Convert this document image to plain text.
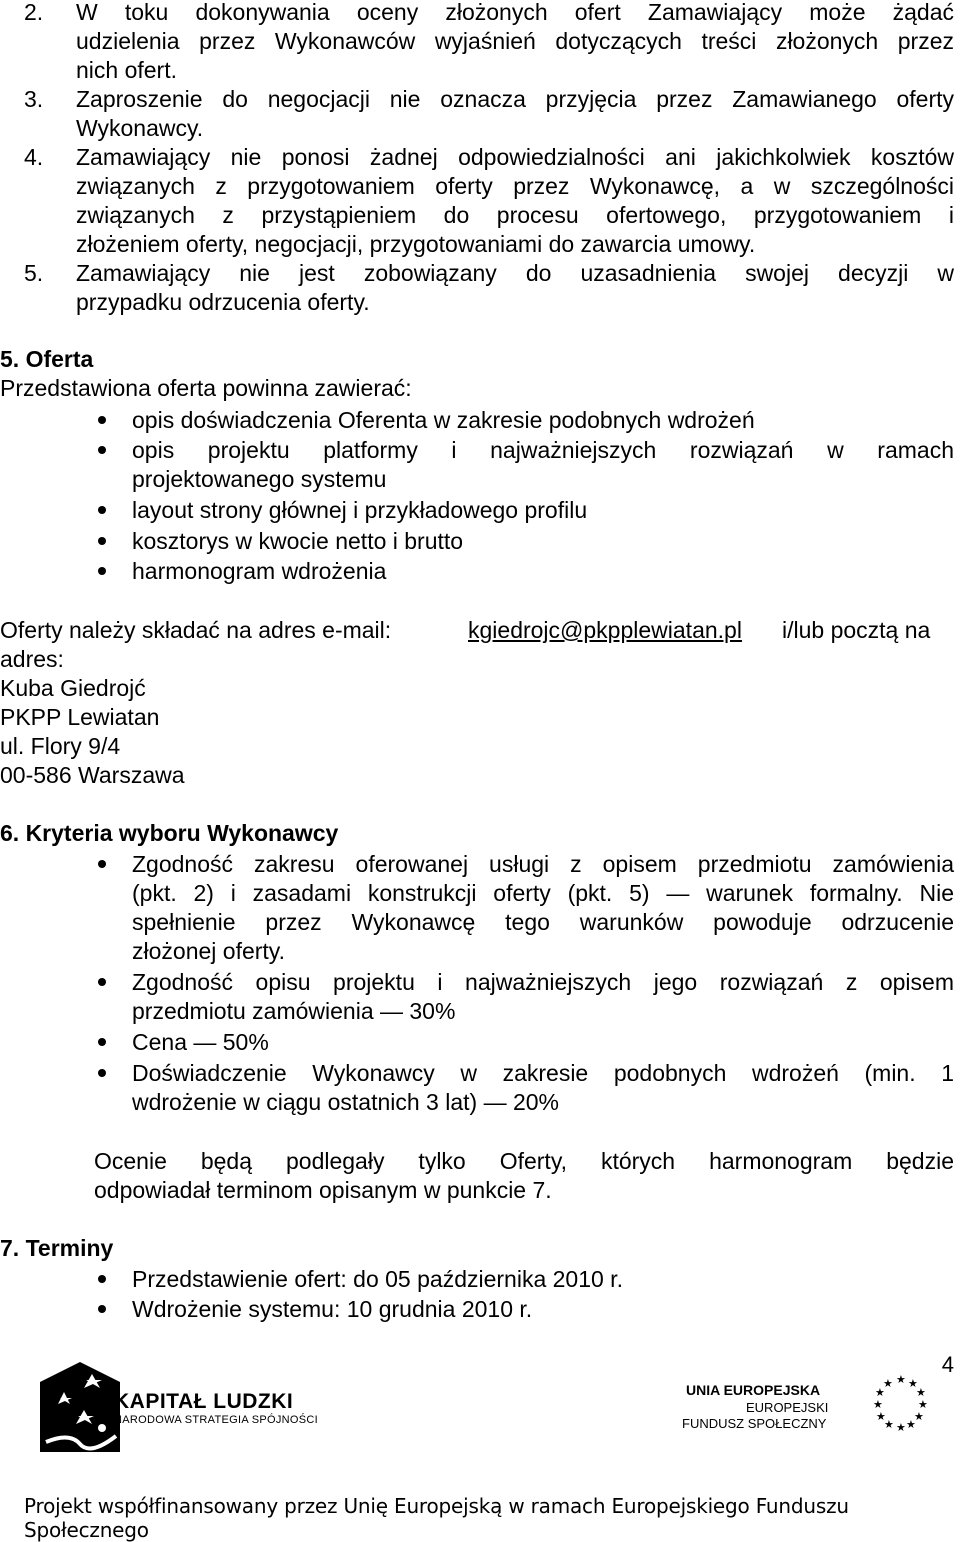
2. W toku dokonywania oceny złożonych ofert Zamawiający może żądać
udzielenia przez Wykonawców wyjaśnień dotyczących treści złożonych przez
nich ofert.
3. Zaproszenie do negocjacji nie oznacza przyjęcia przez Zamawianego oferty
Wykonawcy.
4. Zamawiający nie ponosi żadnej odpowiedzialności ani jakichkolwiek kosztów
związanych z przygotowaniem oferty przez Wykonawcę, a w szczególności
związanych z przystąpieniem do procesu ofertowego, przygotowaniem i
złożeniem oferty, negocjacji, przygotowaniami do zawarcia umowy.
5. Zamawiający nie jest zobowiązany do uzasadnienia swojej decyzji w
przypadku odrzucenia oferty.
5. Oferta
Przedstawiona oferta powinna zawierać:
opis doświadczenia Oferenta w zakresie podobnych wdrożeń
opis projektu platformy i najważniejszych rozwiązań w ramach
projektowanego systemu
layout strony głównej i przykładowego profilu
kosztorys w kwocie netto i brutto
harmonogram wdrożenia
Oferty należy składać na adres e-mail:	kgiedrojc@pkpplewiatan.pl i/lub pocztą na
adres:
Kuba Giedrojć
PKPP Lewiatan
ul. Flory 9/4
00-586 Warszawa
6. Kryteria wyboru Wykonawcy
Zgodność zakresu oferowanej usługi z opisem przedmiotu zamówienia
(pkt. 2) i zasadami konstrukcji oferty (pkt. 5) — warunek formalny. Nie
spełnienie przez Wykonawcę tego warunków powoduje odrzucenie
złożonej oferty.
Zgodność opisu projektu i najważniejszych jego rozwiązań z opisem
przedmiotu zamówienia — 30%
Cena — 50%
Doświadczenie Wykonawcy w zakresie podobnych wdrożeń (min. 1
wdrożenie w ciągu ostatnich 3 lat) — 20%
Ocenie będą podlegały tylko Oferty, których harmonogram będzie
odpowiadał terminom opisanym w punkcie 7.
7. Terminy
Przedstawienie ofert: do 05 października 2010 r.
Wdrożenie systemu: 10 grudnia 2010 r.
4
KAPITAŁ LUDZKI
NARODOWA STRATEGIA SPÓJNOŚCI
UNIA EUROPEJSKA
EUROPEJSKI
FUNDUSZ SPOŁECZNY
★ ★
★
★
★
★
★
★
★
★
★
★
Projekt współfinansowany przez Unię Europejską w ramach Europejskiego Funduszu Społecznego
